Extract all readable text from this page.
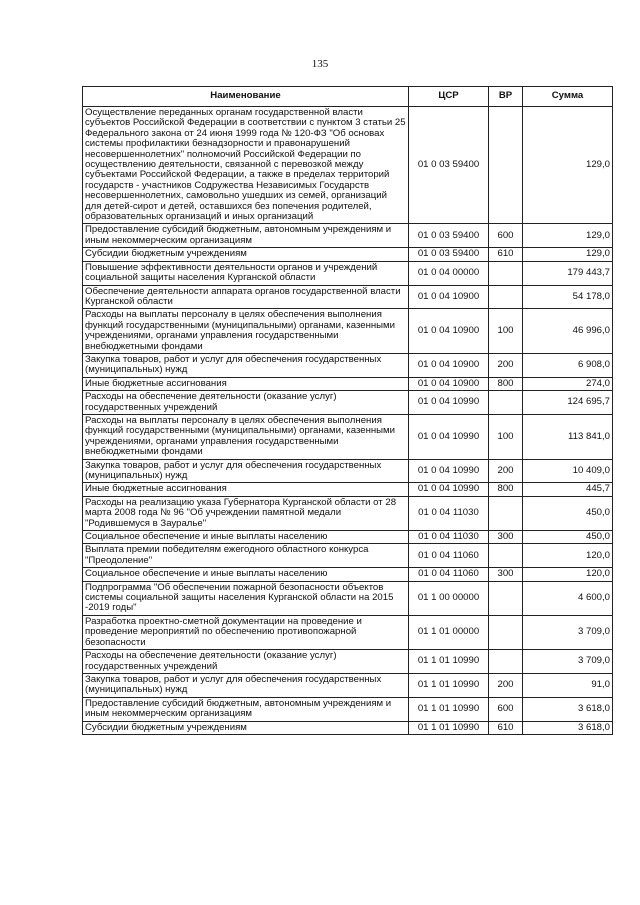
135
Наименование	ЦСР	ВР	Сумма
Осуществление переданных органам государственной власти субъектов Российской Федерации в соответствии с пунктом 3 статьи 25 Федерального закона от 24 июня 1999 года № 120-ФЗ "Об основах системы профилактики безнадзорности и правонарушений несовершеннолетних" полномочий Российской Федерации по осуществлению деятельности, связанной с перевозкой между субъектами Российской Федерации, а также в пределах территорий государств - участников Содружества Независимых Государств несовершеннолетних, самовольно ушедших из семей, организаций для детей-сирот и детей, оставшихся без попечения родителей, образовательных организаций и иных организаций	01 0 03 59400		129,0
Предоставление субсидий бюджетным, автономным учреждениям и иным некоммерческим организациям	01 0 03 59400	600	129,0
Субсидии бюджетным учреждениям	01 0 03 59400	610	129,0
Повышение эффективности деятельности органов и учреждений социальной защиты населения Курганской области	01 0 04 00000		179 443,7
Обеспечение деятельности аппарата органов государственной власти Курганской области	01 0 04 10900		54 178,0
Расходы на выплаты персоналу в целях обеспечения выполнения функций государственными (муниципальными) органами, казенными учреждениями, органами управления государственными внебюджетными фондами	01 0 04 10900	100	46 996,0
Закупка товаров, работ и услуг для обеспечения государственных (муниципальных) нужд	01 0 04 10900	200	6 908,0
Иные бюджетные ассигнования	01 0 04 10900	800	274,0
Расходы на обеспечение деятельности (оказание услуг) государственных учреждений	01 0 04 10990		124 695,7
Расходы на выплаты персоналу в целях обеспечения выполнения функций государственными (муниципальными) органами, казенными учреждениями, органами управления государственными внебюджетными фондами	01 0 04 10990	100	113 841,0
Закупка товаров, работ и услуг для обеспечения государственных (муниципальных) нужд	01 0 04 10990	200	10 409,0
Иные бюджетные ассигнования	01 0 04 10990	800	445,7
Расходы на реализацию указа Губернатора Курганской области от 28 марта 2008 года № 96 "Об учреждении памятной медали "Родившемуся в Зауралье"	01 0 04 11030		450,0
Социальное обеспечение и иные выплаты населению	01 0 04 11030	300	450,0
Выплата премии победителям ежегодного областного конкурса "Преодоление"	01 0 04 11060		120,0
Социальное обеспечение и иные выплаты населению	01 0 04 11060	300	120,0
Подпрограмма "Об обеспечении пожарной безопасности объектов системы социальной защиты населения Курганской области на 2015 -2019 годы"	01 1 00 00000		4 600,0
Разработка проектно-сметной документации на проведение и проведение мероприятий по обеспечению противопожарной безопасности	01 1 01 00000		3 709,0
Расходы на обеспечение деятельности (оказание услуг) государственных учреждений	01 1 01 10990		3 709,0
Закупка товаров, работ и услуг для обеспечения государственных (муниципальных) нужд	01 1 01 10990	200	91,0
Предоставление субсидий бюджетным, автономным учреждениям и иным некоммерческим организациям	01 1 01 10990	600	3 618,0
Субсидии бюджетным учреждениям	01 1 01 10990	610	3 618,0
